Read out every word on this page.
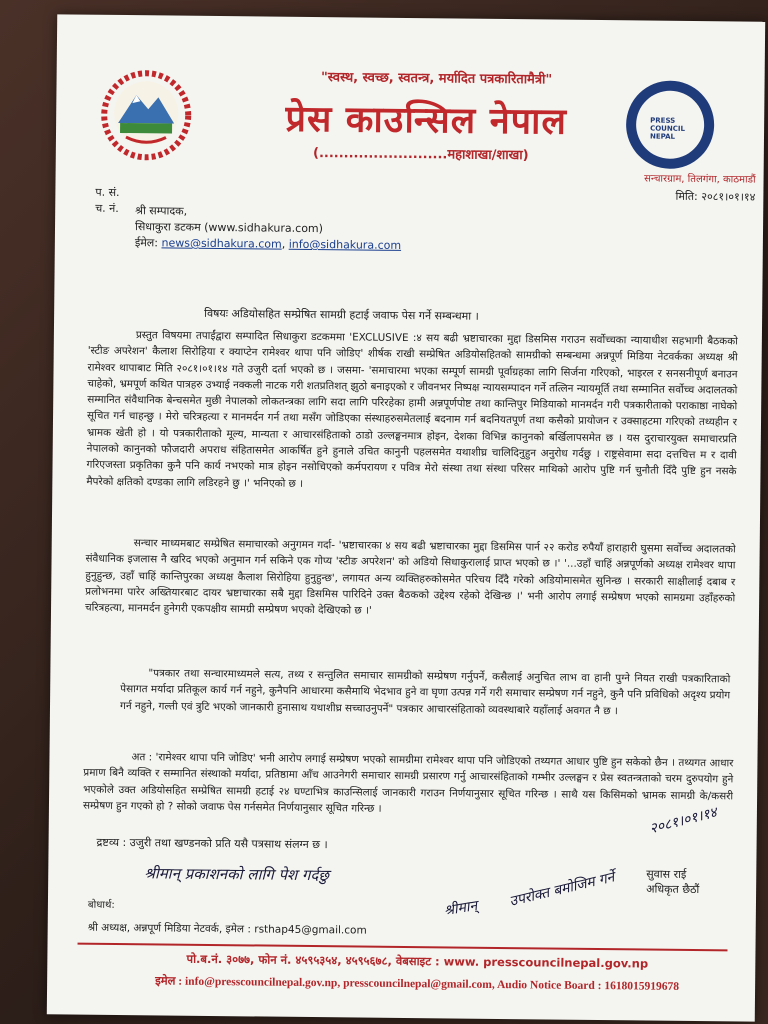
"स्वस्थ, स्वच्छ, स्वतन्त्र, मर्यादित पत्रकारितामैत्री"
प्रेस काउन्सिल नेपाल
(..........................महाशाखा/शाखा)
PRESS COUNCIL NEPAL
सन्चारग्राम, तिलगंगा, काठमाडौं
मिति: २०८१।०१।१४
प. सं.
च. नं. श्री सम्पादक,
सिधाकुरा डटकम (www.sidhakura.com)
ईमेल: news@sidhakura.com, info@sidhakura.com
विषयः अडियोसहित सम्प्रेषित सामग्री हटाई जवाफ पेस गर्ने सम्बन्धमा ।
प्रस्तुत विषयमा तपाईंद्वारा सम्पादित सिधाकुरा डटकममा 'EXCLUSIVE :४ सय बढी भ्रष्टाचारका मुद्दा डिसमिस गराउन सर्वोच्चका न्यायाधीश सहभागी बैठकको 'स्टीङ अपरेशन' कैलाश सिरोहिया र क्याप्टेन रामेश्वर थापा पनि जोडिए' शीर्षक राखी सम्प्रेषित अडियोसहितको सामग्रीको सम्बन्धमा अन्नपूर्ण मिडिया नेटवर्कका अध्यक्ष श्री रामेश्वर थापाबाट मिति २०८१।०१।१४ गते उजुरी दर्ता भएको छ । जसमा- 'समाचारमा भएका सम्पूर्ण सामग्री पूर्वाग्रहका लागि सिर्जना गरिएको, भाइरल र सनसनीपूर्ण बनाउन चाहेको, भ्रमपूर्ण कथित पात्रहरु उभ्याई नक्कली नाटक गरी शतप्रतिशत् झुठो बनाइएको र जीवनभर निष्पक्ष न्यायसम्पादन गर्ने तत्लिन न्यायमूर्ति तथा सम्मानित सर्वोच्च अदालतको सम्मानित संवैधानिक बेन्चसमेत मुछी नेपालको लोकतन्त्रका लागि सदा लागि परिरहेका हामी अन्नपूर्णपोष्ट तथा कान्तिपुर मिडियाको मानमर्दन गरी पत्रकारीताको पराकाष्ठा नाघेको सूचित गर्न चाहन्छु । मेरो चरित्रहत्या र मानमर्दन गर्न तथा मसँग जोडिएका संस्थाहरुसमेतलाई बदनाम गर्न बदनियतपूर्ण तथा कसैको प्रायोजन र उक्साहटमा गरिएको तथ्यहीन र भ्रामक खेती हो । यो पत्रकारीताको मूल्य, मान्यता र आचारसंहिताको ठाडो उल्लङ्घनमात्र होइन, देशका विभिन्न कानुनको बर्खिलापसमेत छ । यस दुराचारयुक्त समाचारप्रति नेपालको कानुनको फौजदारी अपराध संहितासमेत आकर्षित हुने हुनाले उचित कानुनी पहलसमेत यथाशीघ्र चालिदिनुहुन अनुरोध गर्दछु । राष्ट्रसेवामा सदा दत्तचित्त म र दावी गरिएजस्ता प्रकृतिका कुनै पनि कार्य नभएको मात्र होइन नसोचिएको कर्मपरायण र पवित्र मेरो संस्था तथा संस्था परिसर माथिको आरोप पुष्टि गर्न चुनौती दिँदै पुष्टि हुन नसके मैपरेको क्षतिको दण्डका लागि लडिरहने छु ।' भनिएको छ ।
सन्चार माध्यमबाट सम्प्रेषित समाचारको अनुगमन गर्दा- 'भ्रष्टाचारका ४ सय बढी भ्रष्टाचारका मुद्दा डिसमिस पार्न २२ करोड रुपैयाँ हाराहारी घुसमा सर्वोच्च अदालतको संवैधानिक इजलास नै खरिद भएको अनुमान गर्न सकिने एक गोप्य 'स्टीङ अपरेशन' को अडियो सिधाकुरालाई प्राप्त भएको छ ।' '...उहाँ चाहिं अन्नपूर्णको अध्यक्ष रामेश्वर थापा हुनुहुन्छ, उहाँ चाहिं कान्तिपुरका अध्यक्ष कैलाश सिरोहिया हुनुहुन्छ', लगायत अन्य व्यक्तिहरुकोसमेत परिचय दिँदै गरेको अडियोमासमेत सुनिन्छ । सरकारी साक्षीलाई दबाब र प्रलोभनमा पारेर अख्तियारबाट दायर भ्रष्टाचारका सबै मुद्दा डिसमिस पारिदिने उक्त बैठकको उद्देश्य रहेको देखिन्छ ।' भनी आरोप लगाई सम्प्रेषण भएको सामग्रमा उहाँहरुको चरित्रहत्या, मानमर्दन हुनेगरी एकपक्षीय सामग्री सम्प्रेषण भएको देखिएको छ ।'
"पत्रकार तथा सन्चारमाध्यमले सत्य, तथ्य र सन्तुलित समाचार सामग्रीको सम्प्रेषण गर्नुपर्ने, कसैलाई अनुचित लाभ वा हानी पुग्ने नियत राखी पत्रकारिताको पेसागत मर्यादा प्रतिकूल कार्य गर्न नहुने, कुनैपनि आधारमा कसैमाथि भेदभाव हुने वा घृणा उत्पन्न गर्ने गरी समाचार सम्प्रेषण गर्न नहुने, कुनै पनि प्रविधिको अदृश्य प्रयोग गर्न नहुने, गल्ती एवं त्रुटि भएको जानकारी हुनासाथ यथाशीघ्र सच्चाउनुपर्ने" पत्रकार आचारसंहिताको व्यवस्थाबारे यहाँलाई अवगत नै छ ।
अत : 'रामेश्वर थापा पनि जोडिए' भनी आरोप लगाई सम्प्रेषण भएको सामग्रीमा रामेश्वर थापा पनि जोडिएको तथ्यगत आधार पुष्टि हुन सकेको छैन । तथ्यगत आधार प्रमाण बिनै व्यक्ति र सम्मानित संस्थाको मर्यादा, प्रतिष्ठामा आँच आउनेगरी समाचार सामग्री प्रसारण गर्नु आचारसंहिताको गम्भीर उल्लङ्घन र प्रेस स्वतन्त्रताको चरम दुरुपयोग हुने भएकोले उक्त अडियोसहित सम्प्रेषित सामग्री हटाई २४ घण्टाभित्र काउन्सिलाई जानकारी गराउन निर्णयानुसार सूचित गरिन्छ । साथै यस किसिमको भ्रामक सामग्री के/कसरी सम्प्रेषण हुन गएको हो ? सोको जवाफ पेस गर्नसमेत निर्णयानुसार सूचित गरिन्छ ।
द्रष्टव्य : उजुरी तथा खण्डनको प्रति यसै पत्रसाथ संलग्न छ ।
श्रीमान् प्रकाशनको लागि पेश गर्दछु	उपरोक्त बमोजिम गर्ने
२०८१।०१।१४
श्रीमान्
सुवास राई
अधिकृत छैठौं
बोधार्थ:
श्री अध्यक्ष, अन्नपूर्ण मिडिया नेटवर्क, इमेल : rsthap45@gmail.com
पो.ब.नं. ३०७७, फोन नं. ४५९५३५४, ४५९५६७८, वेबसाइट : www. presscouncilnepal.gov.np
इमेल : info@presscouncilnepal.gov.np, presscouncilnepal@gmail.com, Audio Notice Board : 1618015919678
